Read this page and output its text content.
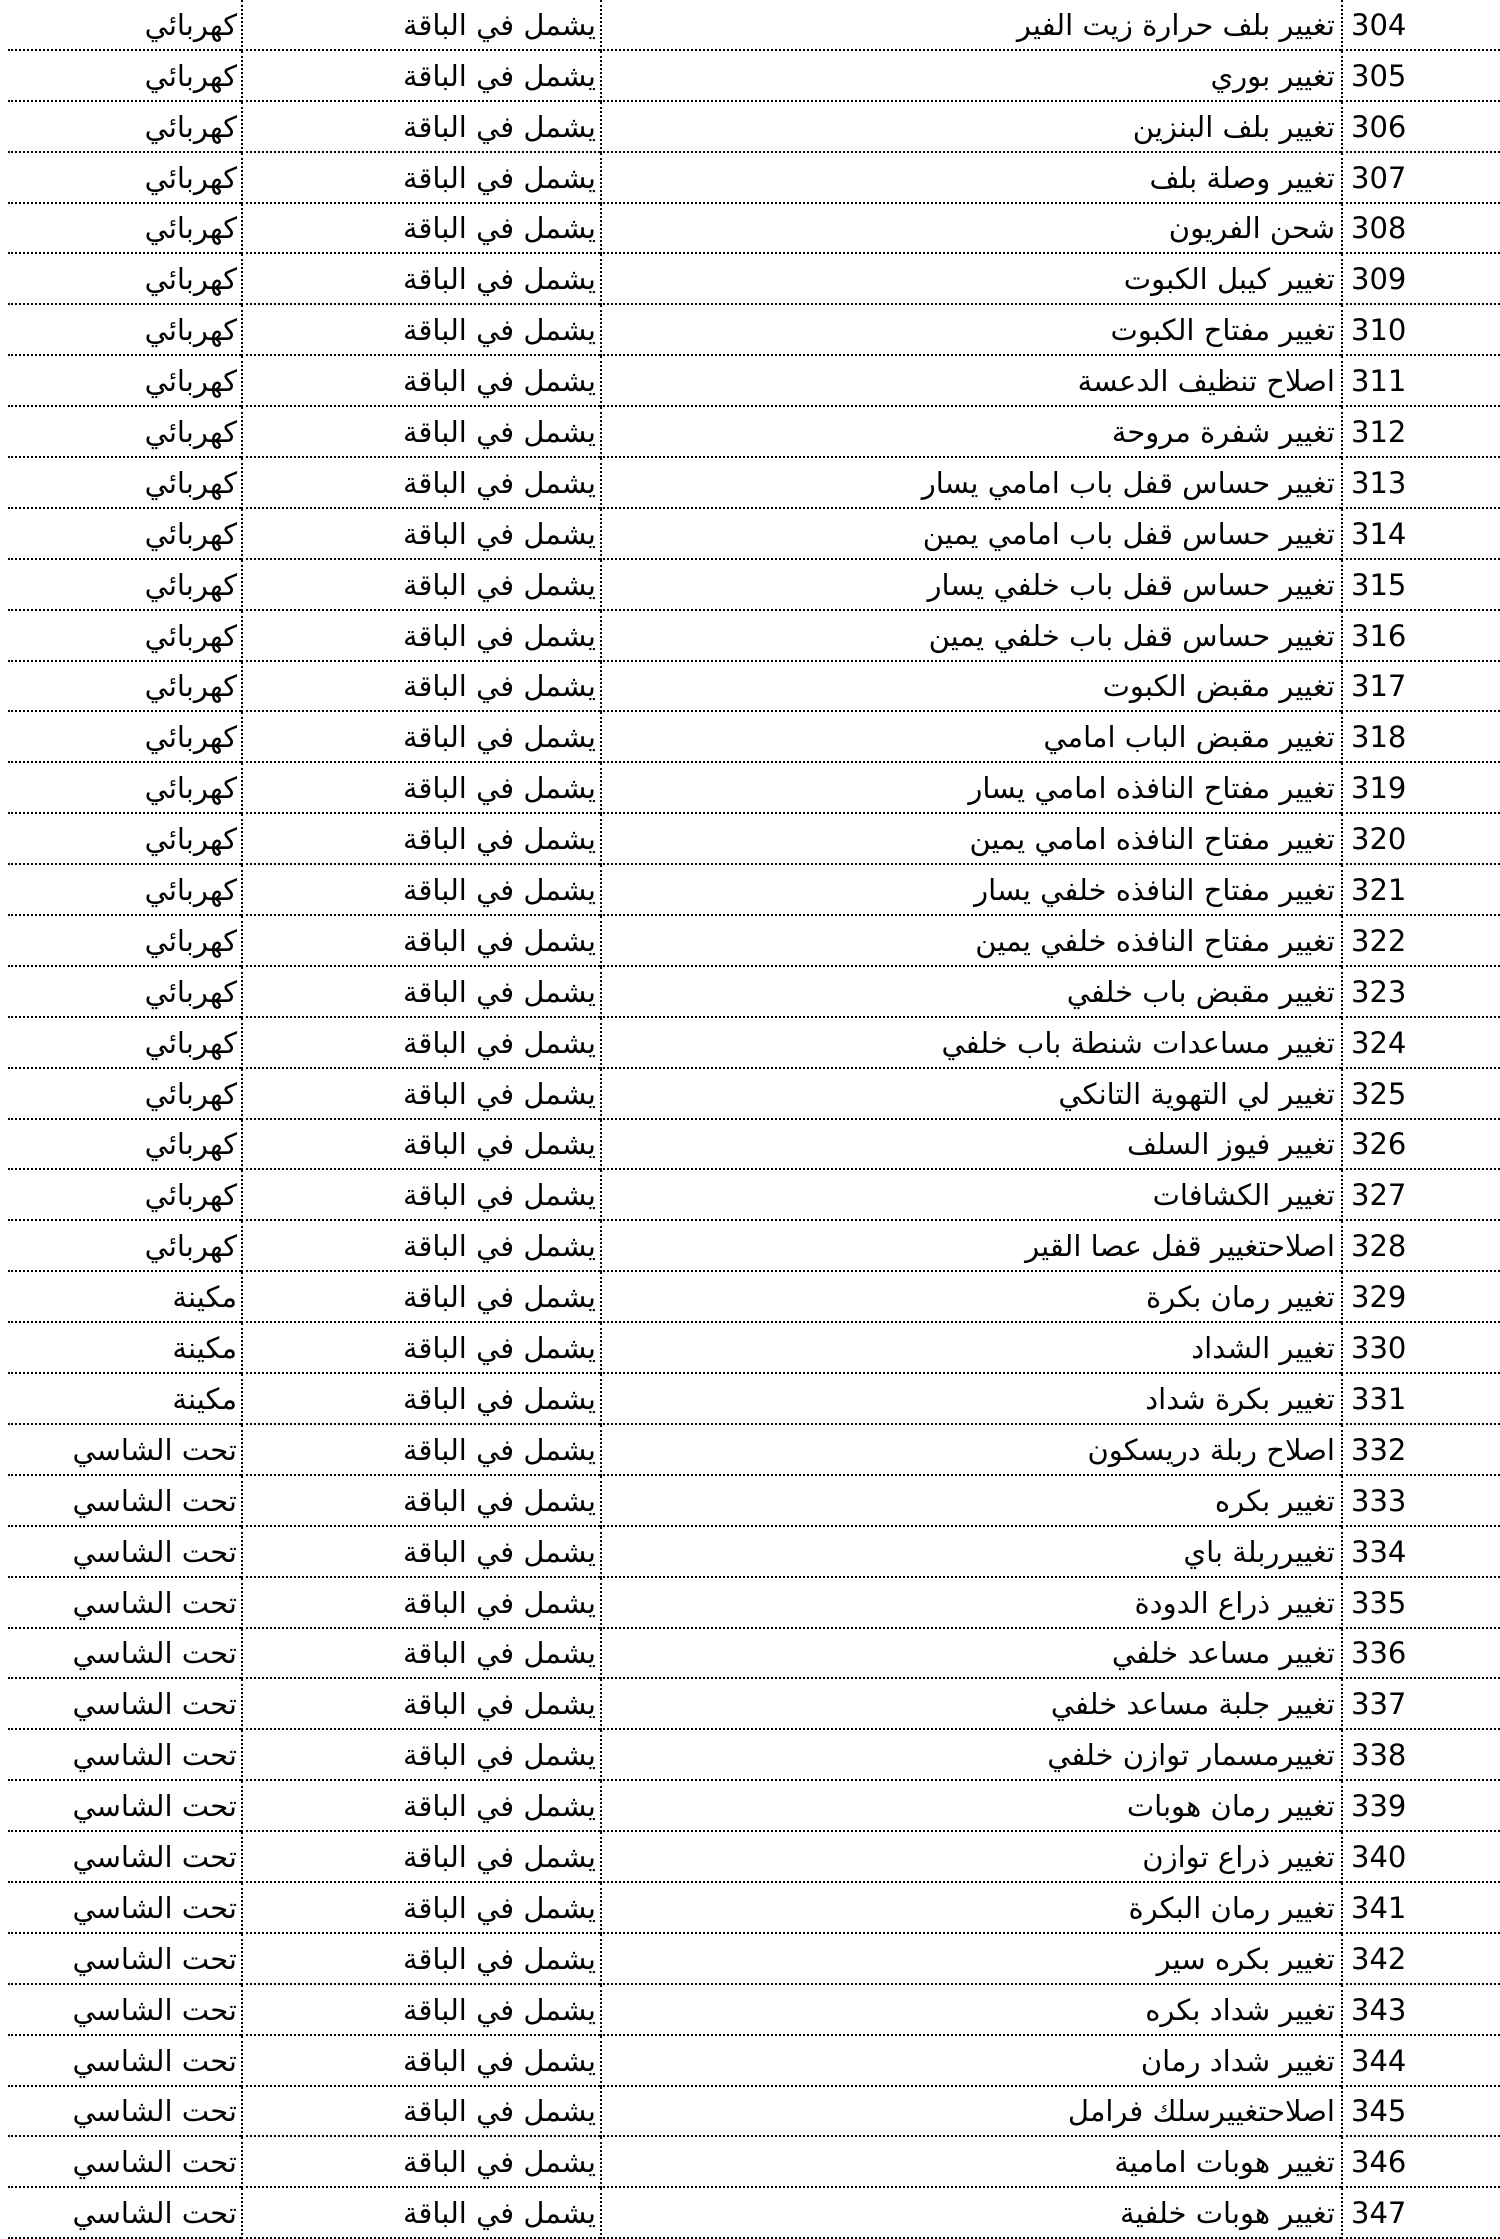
304	تغيير بلف حرارة زيت الفير	يشمل في الباقة	كهربائي
305	تغيير بوري	يشمل في الباقة	كهربائي
306	تغيير بلف البنزين	يشمل في الباقة	كهربائي
307	تغيير وصلة بلف	يشمل في الباقة	كهربائي
308	شحن الفريون	يشمل في الباقة	كهربائي
309	تغيير كيبل الكبوت	يشمل في الباقة	كهربائي
310	تغيير مفتاح الكبوت	يشمل في الباقة	كهربائي
311	اصلاح تنظيف الدعسة	يشمل في الباقة	كهربائي
312	تغيير شفرة مروحة	يشمل في الباقة	كهربائي
313	تغيير حساس قفل باب امامي يسار	يشمل في الباقة	كهربائي
314	تغيير حساس قفل باب امامي يمين	يشمل في الباقة	كهربائي
315	تغيير حساس قفل باب خلفي يسار	يشمل في الباقة	كهربائي
316	تغيير حساس قفل باب خلفي يمين	يشمل في الباقة	كهربائي
317	تغيير مقبض الكبوت	يشمل في الباقة	كهربائي
318	تغيير مقبض الباب امامي	يشمل في الباقة	كهربائي
319	تغيير مفتاح النافذه امامي يسار	يشمل في الباقة	كهربائي
320	تغيير مفتاح النافذه امامي يمين	يشمل في الباقة	كهربائي
321	تغيير مفتاح النافذه خلفي يسار	يشمل في الباقة	كهربائي
322	تغيير مفتاح النافذه خلفي يمين	يشمل في الباقة	كهربائي
323	تغيير مقبض باب خلفي	يشمل في الباقة	كهربائي
324	تغيير مساعدات شنطة باب خلفي	يشمل في الباقة	كهربائي
325	تغيير لي التهوية التانكي	يشمل في الباقة	كهربائي
326	تغيير فيوز السلف	يشمل في الباقة	كهربائي
327	تغيير الكشافات	يشمل في الباقة	كهربائي
328	اصلاحتغيير قفل عصا القير	يشمل في الباقة	كهربائي
329	تغيير رمان بكرة	يشمل في الباقة	مكينة
330	تغيير الشداد	يشمل في الباقة	مكينة
331	تغيير بكرة شداد	يشمل في الباقة	مكينة
332	اصلاح ربلة دريسكون	يشمل في الباقة	تحت الشاسي
333	تغيير بكره	يشمل في الباقة	تحت الشاسي
334	تغييرربلة باي	يشمل في الباقة	تحت الشاسي
335	تغيير ذراع الدودة	يشمل في الباقة	تحت الشاسي
336	تغيير مساعد خلفي	يشمل في الباقة	تحت الشاسي
337	تغيير جلبة مساعد خلفي	يشمل في الباقة	تحت الشاسي
338	تغييرمسمار توازن خلفي	يشمل في الباقة	تحت الشاسي
339	تغيير رمان هوبات	يشمل في الباقة	تحت الشاسي
340	تغيير ذراع توازن	يشمل في الباقة	تحت الشاسي
341	تغيير رمان البكرة	يشمل في الباقة	تحت الشاسي
342	تغيير بكره سير	يشمل في الباقة	تحت الشاسي
343	تغيير شداد بكره	يشمل في الباقة	تحت الشاسي
344	تغيير شداد رمان	يشمل في الباقة	تحت الشاسي
345	اصلاحتغييرسلك فرامل	يشمل في الباقة	تحت الشاسي
346	تغيير هوبات امامية	يشمل في الباقة	تحت الشاسي
347	تغيير هوبات خلفية	يشمل في الباقة	تحت الشاسي
